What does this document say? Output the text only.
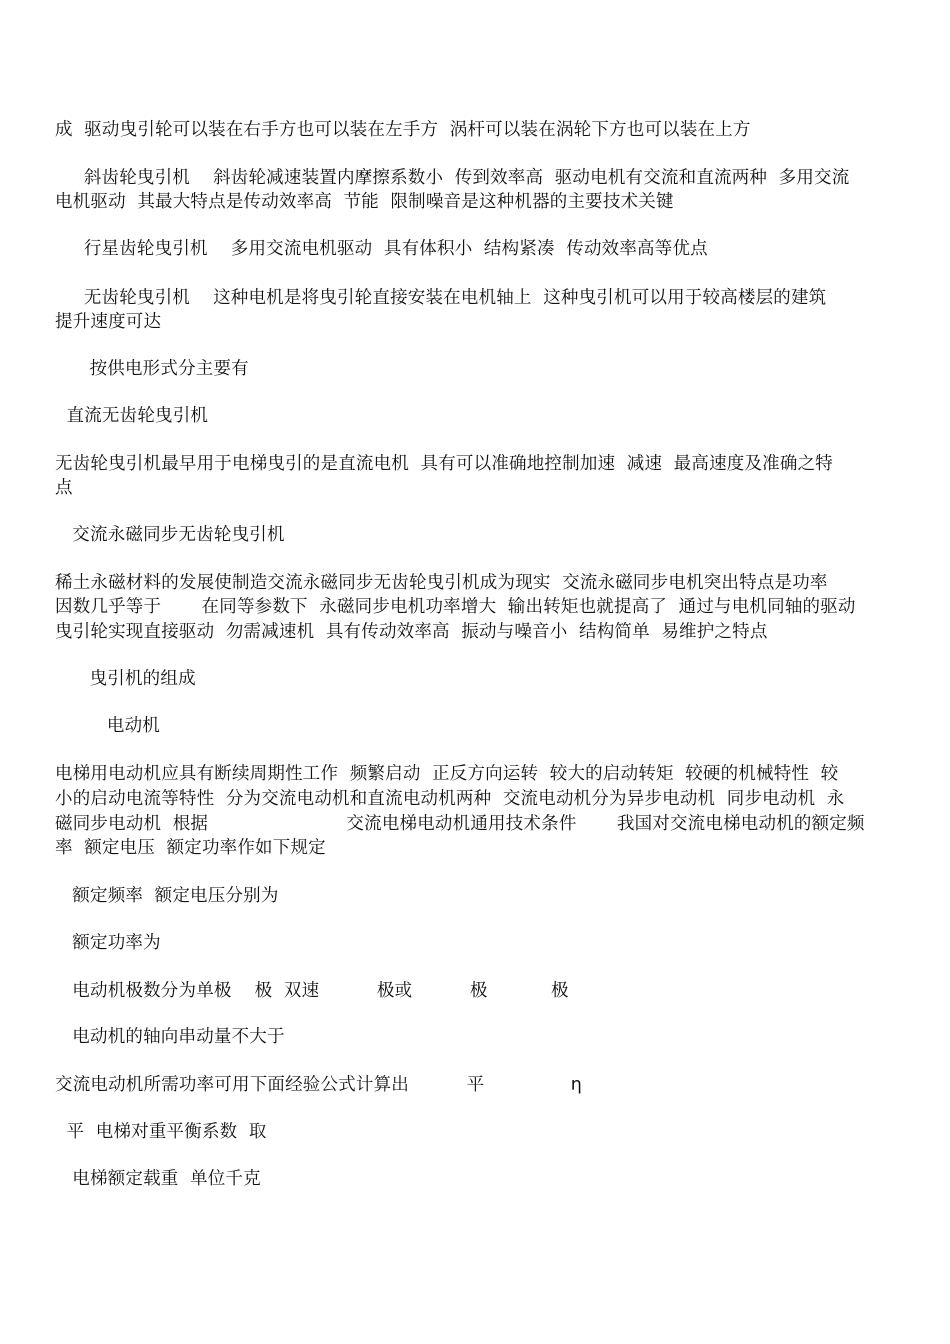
成  驱动曳引轮可以装在右手方也可以装在左手方  涡杆可以装在涡轮下方也可以装在上方
斜齿轮曳引机    斜齿轮减速装置内摩擦系数小  传到效率高  驱动电机有交流和直流两种  多用交流
电机驱动  其最大特点是传动效率高  节能  限制噪音是这种机器的主要技术关键
行星齿轮曳引机    多用交流电机驱动  具有体积小  结构紧凑  传动效率高等优点
无齿轮曳引机    这种电机是将曳引轮直接安装在电机轴上  这种曳引机可以用于较高楼层的建筑
提升速度可达
按供电形式分主要有
直流无齿轮曳引机
无齿轮曳引机最早用于电梯曳引的是直流电机  具有可以准确地控制加速  减速  最高速度及准确之特
点
交流永磁同步无齿轮曳引机
稀土永磁材料的发展使制造交流永磁同步无齿轮曳引机成为现实  交流永磁同步电机突出特点是功率
因数几乎等于       在同等参数下  永磁同步电机功率增大  输出转矩也就提高了  通过与电机同轴的驱动
曳引轮实现直接驱动  勿需减速机  具有传动效率高  振动与噪音小  结构简单  易维护之特点
曳引机的组成
电动机
电梯用电动机应具有断续周期性工作  频繁启动  正反方向运转  较大的启动转矩  较硬的机械特性  较
小的启动电流等特性  分为交流电动机和直流电动机两种  交流电动机分为异步电动机  同步电动机  永
磁同步电动机  根据                        交流电梯电动机通用技术条件       我国对交流电梯电动机的额定频
率  额定电压  额定功率作如下规定
额定频率  额定电压分别为
额定功率为
电动机极数分为单极    极  双速          极或          极           极
电动机的轴向串动量不大于
交流电动机所需功率可用下面经验公式计算出          平               η
平  电梯对重平衡系数  取
电梯额定载重  单位千克
